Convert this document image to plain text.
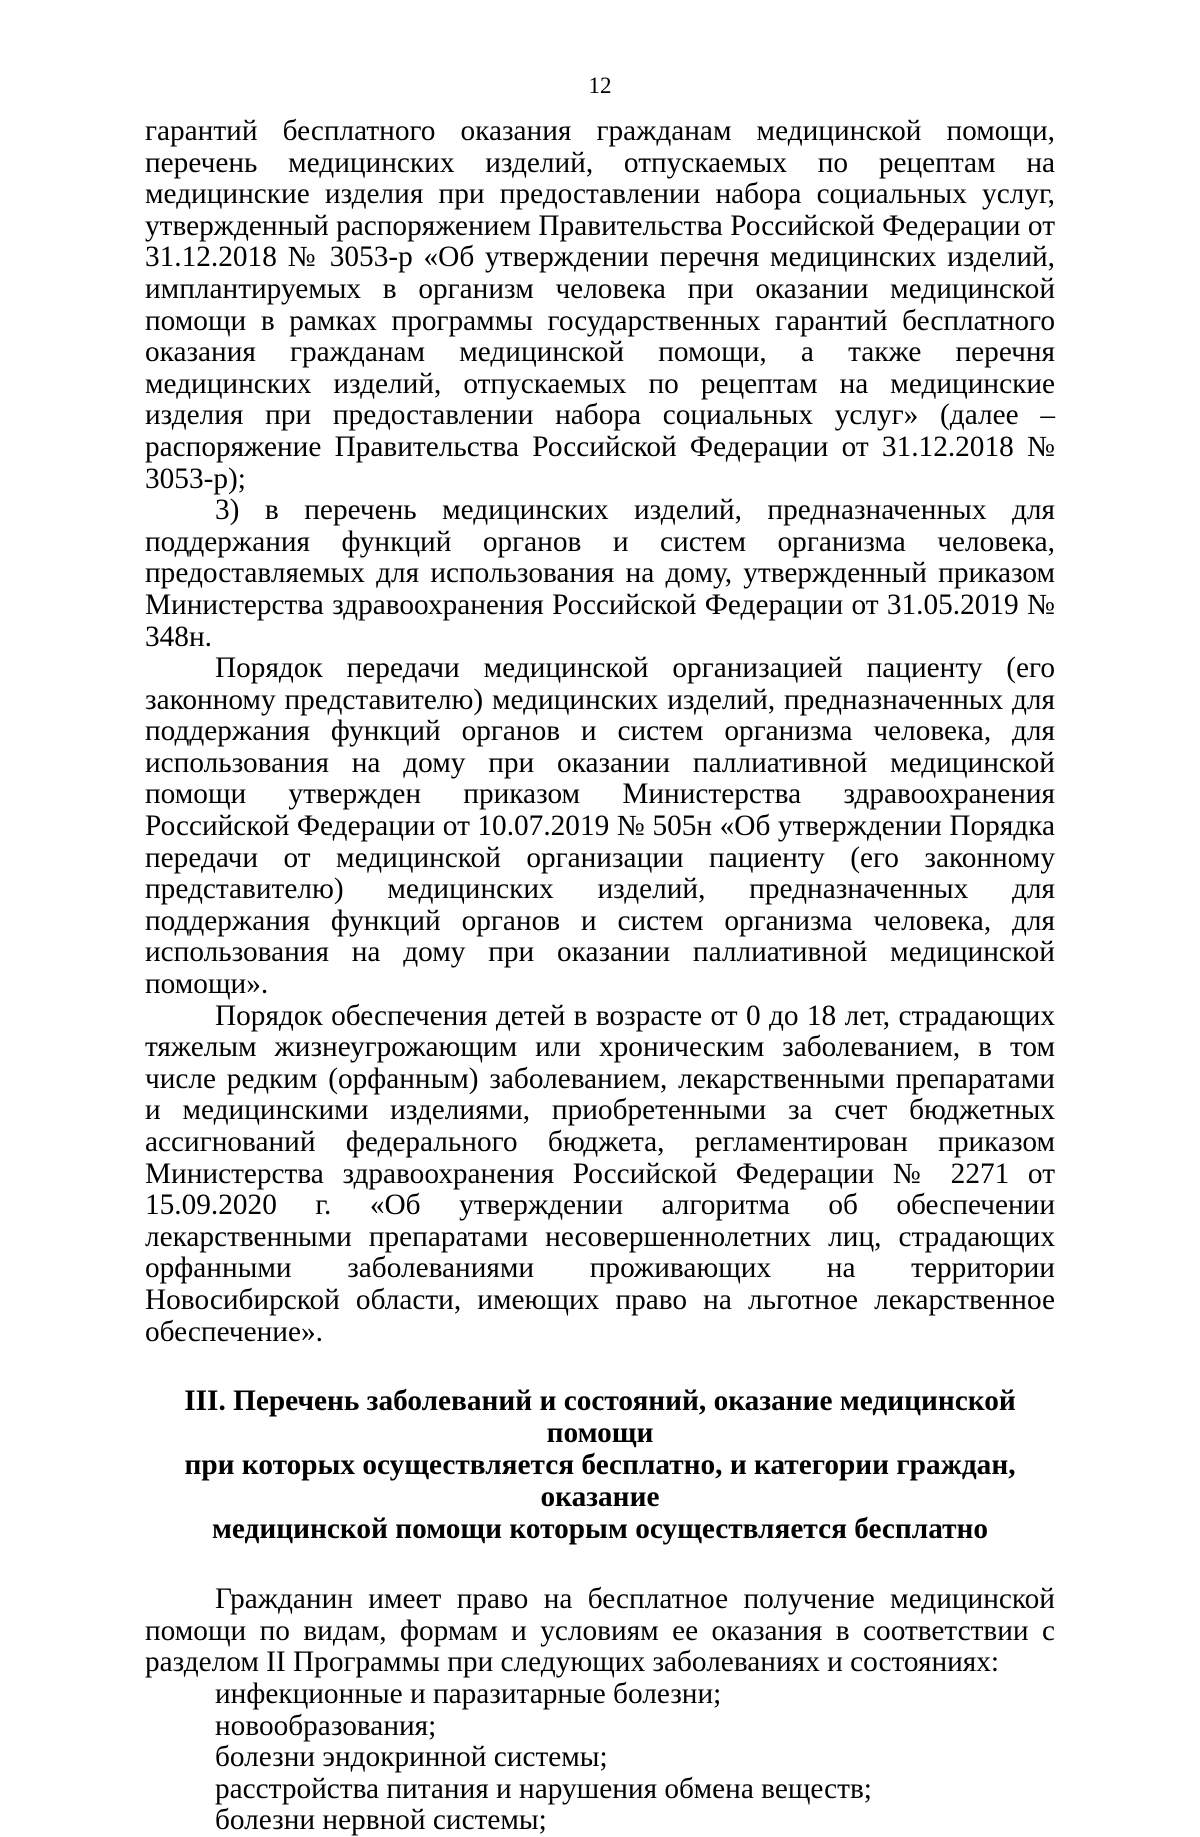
12

гарантий бесплатного оказания гражданам медицинской помощи, перечень медицинских изделий, отпускаемых по рецептам на медицинские изделия при предоставлении набора социальных услуг, утвержденный распоряжением Правительства Российской Федерации от 31.12.2018 № 3053-р «Об утверждении перечня медицинских изделий, имплантируемых в организм человека при оказании медицинской помощи в рамках программы государственных гарантий бесплатного оказания гражданам медицинской помощи, а также перечня медицинских изделий, отпускаемых по рецептам на медицинские изделия при предоставлении набора социальных услуг» (далее – распоряжение Правительства Российской Федерации от 31.12.2018 № 3053-р);

3) в перечень медицинских изделий, предназначенных для поддержания функций органов и систем организма человека, предоставляемых для использования на дому, утвержденный приказом Министерства здравоохранения Российской Федерации от 31.05.2019 № 348н.

Порядок передачи медицинской организацией пациенту (его законному представителю) медицинских изделий, предназначенных для поддержания функций органов и систем организма человека, для использования на дому при оказании паллиативной медицинской помощи утвержден приказом Министерства здравоохранения Российской Федерации от 10.07.2019 № 505н «Об утверждении Порядка передачи от медицинской организации пациенту (его законному представителю) медицинских изделий, предназначенных для поддержания функций органов и систем организма человека, для использования на дому при оказании паллиативной медицинской помощи».

Порядок обеспечения детей в возрасте от 0 до 18 лет, страдающих тяжелым жизнеугрожающим или хроническим заболеванием, в том числе редким (орфанным) заболеванием, лекарственными препаратами и медицинскими изделиями, приобретенными за счет бюджетных ассигнований федерального бюджета, регламентирован приказом Министерства здравоохранения Российской Федерации № 2271 от 15.09.2020 г. «Об утверждении алгоритма об обеспечении лекарственными препаратами несовершеннолетних лиц, страдающих орфанными заболеваниями проживающих на территории Новосибирской области, имеющих право на льготное лекарственное обеспечение».

III. Перечень заболеваний и состояний, оказание медицинской помощи
при которых осуществляется бесплатно, и категории граждан, оказание
медицинской помощи которым осуществляется бесплатно

Гражданин имеет право на бесплатное получение медицинской помощи по видам, формам и условиям ее оказания в соответствии с разделом II Программы при следующих заболеваниях и состояниях:

инфекционные и паразитарные болезни;

новообразования;

болезни эндокринной системы;

расстройства питания и нарушения обмена веществ;

болезни нервной системы;
